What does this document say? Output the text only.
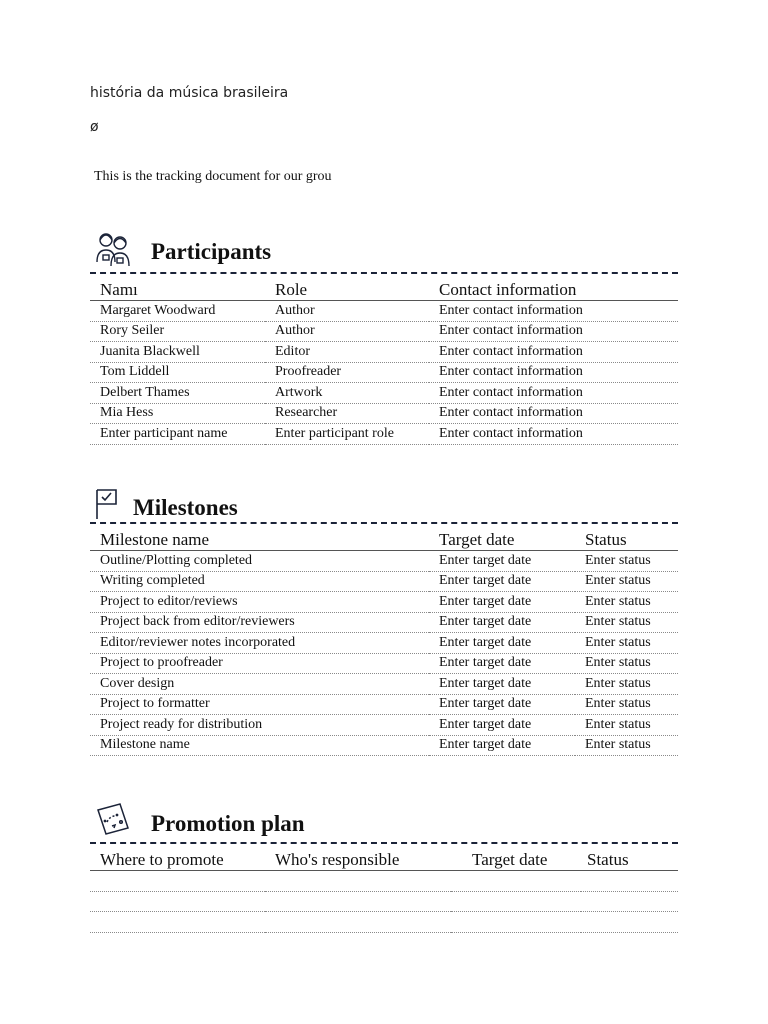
história da música brasileira
ø
This is the tracking document for our grou
Participants
Namı	Role	Contact information
Margaret Woodward	Author	Enter contact information
Rory Seiler	Author	Enter contact information
Juanita Blackwell	Editor	Enter contact information
Tom Liddell	Proofreader	Enter contact information
Delbert Thames	Artwork	Enter contact information
Mia Hess	Researcher	Enter contact information
Enter participant name	Enter participant role	Enter contact information
Milestones
Milestone name	Target date	Status
Outline/Plotting completed	Enter target date	Enter status
Writing completed	Enter target date	Enter status
Project to editor/reviews	Enter target date	Enter status
Project back from editor/reviewers	Enter target date	Enter status
Editor/reviewer notes incorporated	Enter target date	Enter status
Project to proofreader	Enter target date	Enter status
Cover design	Enter target date	Enter status
Project to formatter	Enter target date	Enter status
Project ready for distribution	Enter target date	Enter status
Milestone name	Enter target date	Enter status
Promotion plan
Where to promote	Who's responsible	Target date	Status
